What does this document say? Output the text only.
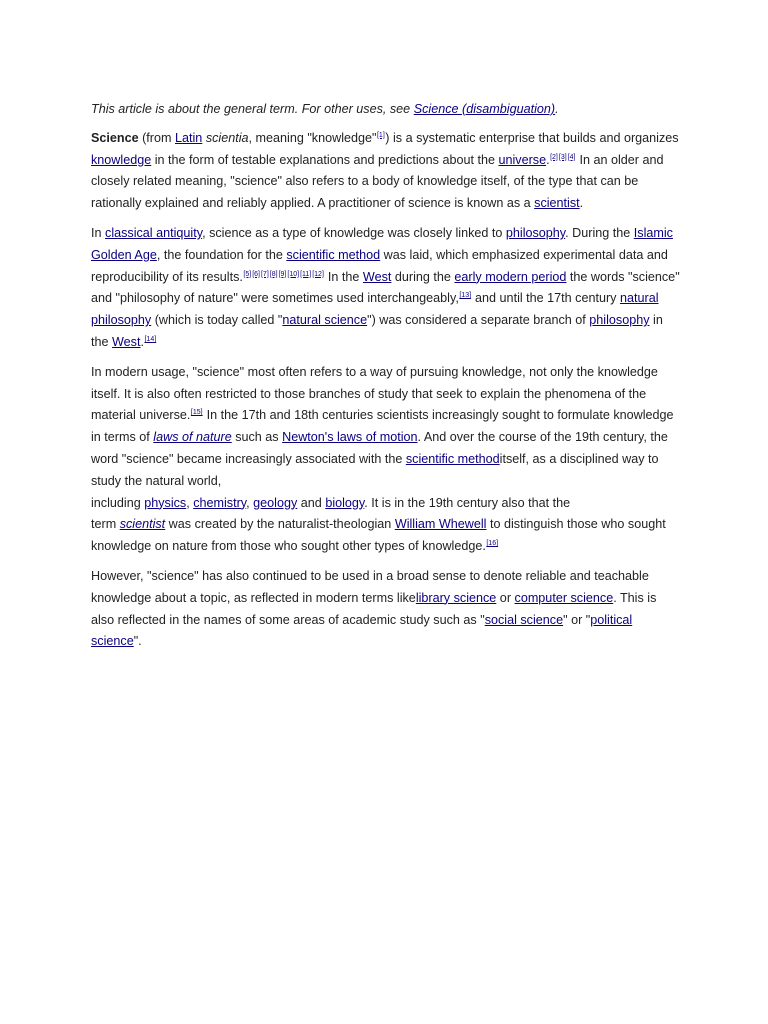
This article is about the general term. For other uses, see Science (disambiguation).

Science (from Latin scientia, meaning "knowledge"[1]) is a systematic enterprise that builds and organizes knowledge in the form of testable explanations and predictions about the universe.[2][3][4] In an older and closely related meaning, "science" also refers to a body of knowledge itself, of the type that can be rationally explained and reliably applied. A practitioner of science is known as a scientist.

In classical antiquity, science as a type of knowledge was closely linked to philosophy. During the Islamic Golden Age, the foundation for the scientific method was laid, which emphasized experimental data and reproducibility of its results.[5][6][7][8][9][10][11][12] In the West during the early modern period the words "science" and "philosophy of nature" were sometimes used interchangeably,[13] and until the 17th century natural philosophy (which is today called "natural science") was considered a separate branch of philosophy in the West.[14]

In modern usage, "science" most often refers to a way of pursuing knowledge, not only the knowledge itself. It is also often restricted to those branches of study that seek to explain the phenomena of the material universe.[15] In the 17th and 18th centuries scientists increasingly sought to formulate knowledge in terms of laws of nature such as Newton's laws of motion. And over the course of the 19th century, the word "science" became increasingly associated with the scientific methoditself, as a disciplined way to study the natural world,
including physics, chemistry, geology and biology. It is in the 19th century also that the
term scientist was created by the naturalist-theologian William Whewell to distinguish those who sought knowledge on nature from those who sought other types of knowledge.[16]

However, "science" has also continued to be used in a broad sense to denote reliable and teachable knowledge about a topic, as reflected in modern terms likelibrary science or computer science. This is also reflected in the names of some areas of academic study such as "social science" or "political science".
